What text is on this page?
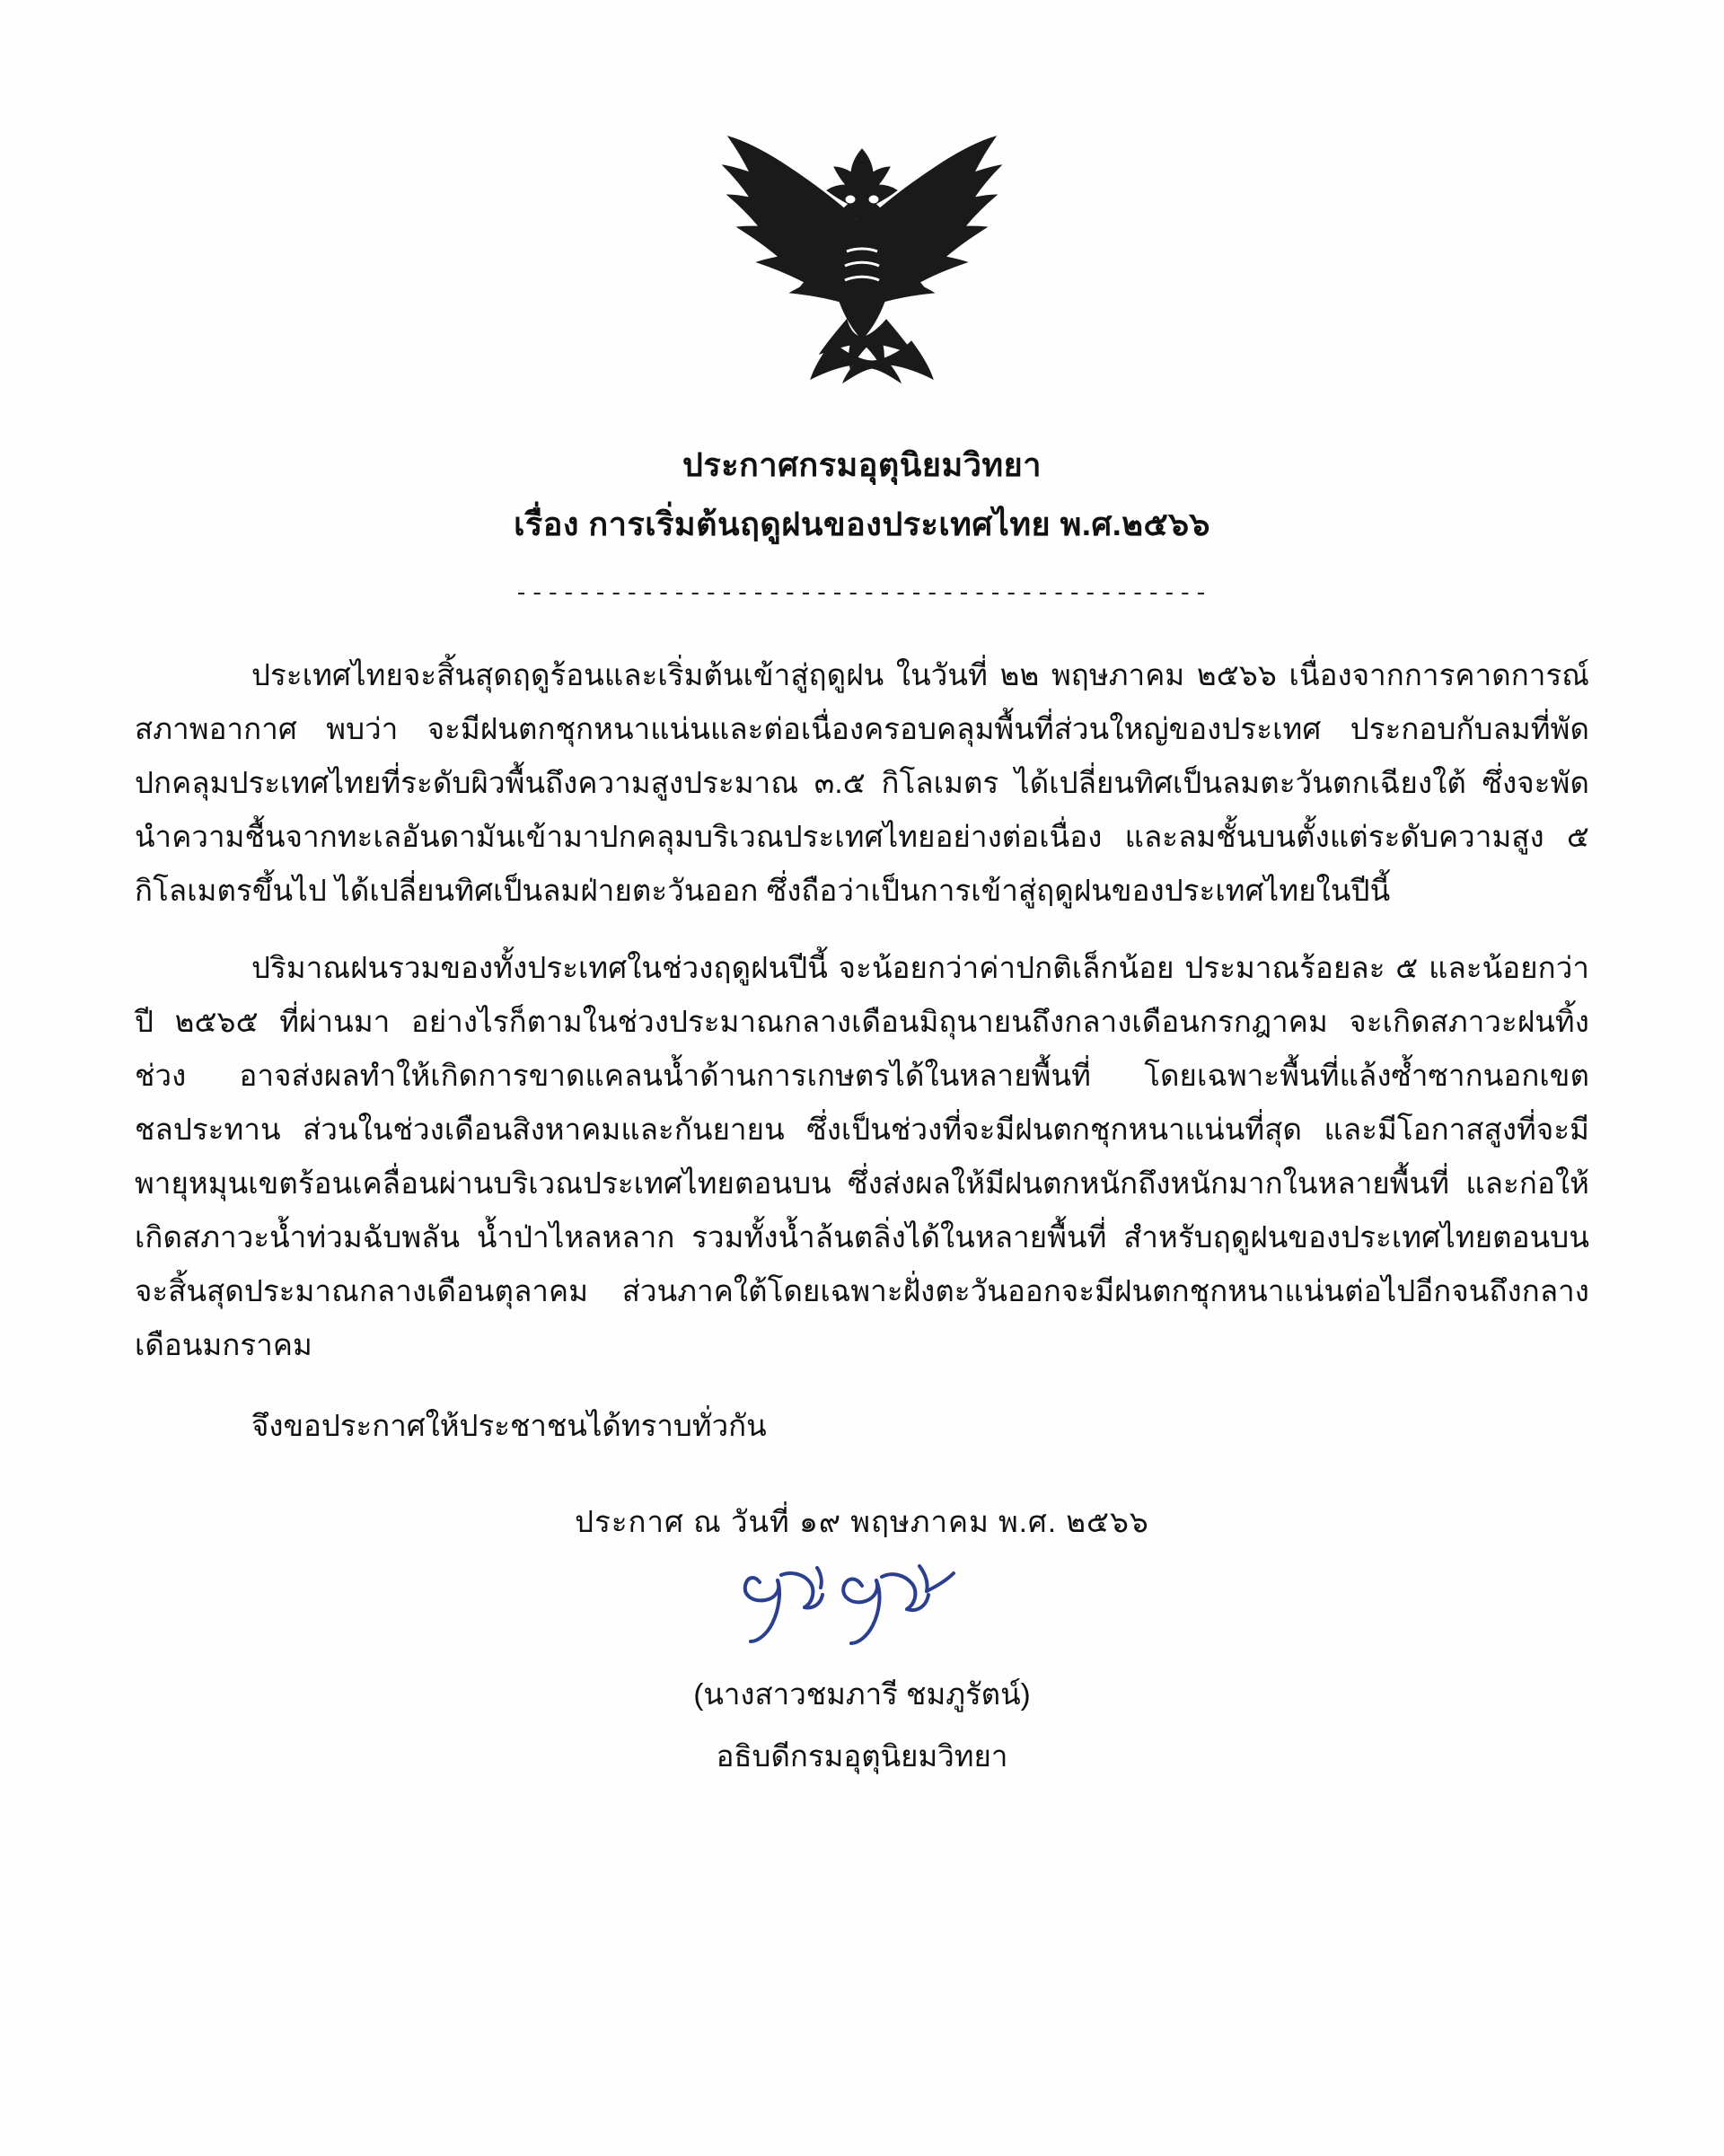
ประกาศกรมอุตุนิยมวิทยา
เรื่อง การเริ่มต้นฤดูฝนของประเทศไทย พ.ศ.๒๕๖๖
--------------------------------------------

ประเทศไทยจะสิ้นสุดฤดูร้อนและเริ่มต้นเข้าสู่ฤดูฝน ในวันที่ ๒๒ พฤษภาคม ๒๕๖๖ เนื่องจากการคาดการณ์สภาพอากาศ พบว่า จะมีฝนตกชุกหนาแน่นและต่อเนื่องครอบคลุมพื้นที่ส่วนใหญ่ของประเทศ ประกอบกับลมที่พัดปกคลุมประเทศไทยที่ระดับผิวพื้นถึงความสูงประมาณ ๓.๕ กิโลเมตร ได้เปลี่ยนทิศเป็นลมตะวันตกเฉียงใต้ ซึ่งจะพัดนำความชื้นจากทะเลอันดามันเข้ามาปกคลุมบริเวณประเทศไทยอย่างต่อเนื่อง และลมชั้นบนตั้งแต่ระดับความสูง ๕ กิโลเมตรขึ้นไป ได้เปลี่ยนทิศเป็นลมฝ่ายตะวันออก ซึ่งถือว่าเป็นการเข้าสู่ฤดูฝนของประเทศไทยในปีนี้

ปริมาณฝนรวมของทั้งประเทศในช่วงฤดูฝนปีนี้ จะน้อยกว่าค่าปกติเล็กน้อย ประมาณร้อยละ ๕ และน้อยกว่าปี ๒๕๖๕ ที่ผ่านมา อย่างไรก็ตามในช่วงประมาณกลางเดือนมิถุนายนถึงกลางเดือนกรกฎาคม จะเกิดสภาวะฝนทิ้งช่วง อาจส่งผลทำให้เกิดการขาดแคลนน้ำด้านการเกษตรได้ในหลายพื้นที่ โดยเฉพาะพื้นที่แล้งซ้ำซากนอกเขตชลประทาน ส่วนในช่วงเดือนสิงหาคมและกันยายน ซึ่งเป็นช่วงที่จะมีฝนตกชุกหนาแน่นที่สุด และมีโอกาสสูงที่จะมีพายุหมุนเขตร้อนเคลื่อนผ่านบริเวณประเทศไทยตอนบน ซึ่งส่งผลให้มีฝนตกหนักถึงหนักมากในหลายพื้นที่ และก่อให้เกิดสภาวะน้ำท่วมฉับพลัน น้ำป่าไหลหลาก รวมทั้งน้ำล้นตลิ่งได้ในหลายพื้นที่ สำหรับฤดูฝนของประเทศไทยตอนบนจะสิ้นสุดประมาณกลางเดือนตุลาคม ส่วนภาคใต้โดยเฉพาะฝั่งตะวันออกจะมีฝนตกชุกหนาแน่นต่อไปอีกจนถึงกลางเดือนมกราคม

จึงขอประกาศให้ประชาชนได้ทราบทั่วกัน

ประกาศ ณ วันที่ ๑๙ พฤษภาคม พ.ศ. ๒๕๖๖
(นางสาวชมภารี ชมภูรัตน์)
อธิบดีกรมอุตุนิยมวิทยา
